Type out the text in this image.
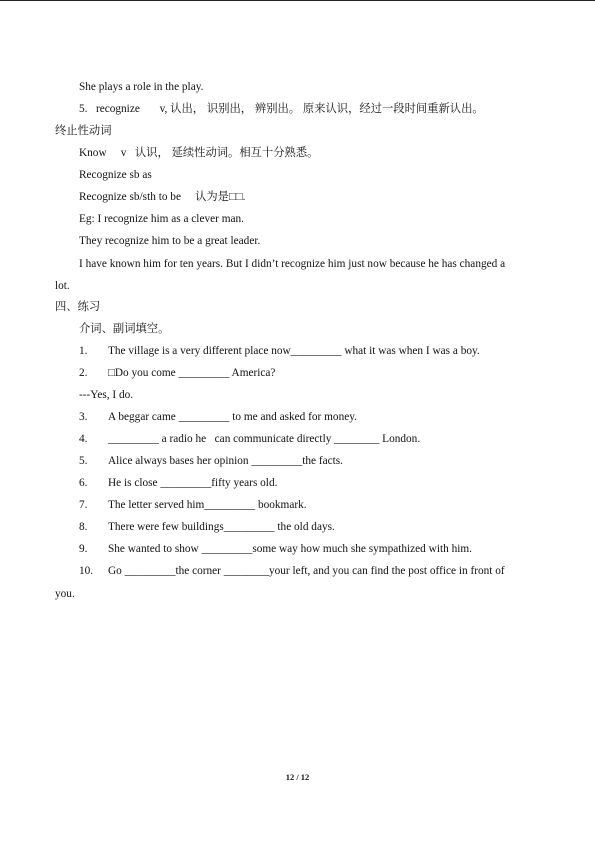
She plays a role in the play.
5.   recognize       v, 认出， 识别出， 辨别出。 原来认识，经过一段时间重新认出。
终止性动词
Know     v   认识， 延续性动词。相互十分熟悉。
Recognize sb as
Recognize sb/sth to be     认为是□□.
Eg: I recognize him as a clever man.
They recognize him to be a great leader.
I have known him for ten years. But I didn’t recognize him just now because he has changed a
lot.
四、练习
介词、副词填空。
1. The village is a very different place now_________ what it was when I was a boy.
2. □Do you come _________ America?
---Yes, I do.
3. A beggar came _________ to me and asked for money.
4. _________ a radio he   can communicate directly ________ London.
5. Alice always bases her opinion _________the facts.
6. He is close _________fifty years old.
7. The letter served him_________ bookmark.
8. There were few buildings_________ the old days.
9. She wanted to show _________some way how much she sympathized with him.
10. Go _________the corner ________your left, and you can find the post office in front of
you.
12 / 12
